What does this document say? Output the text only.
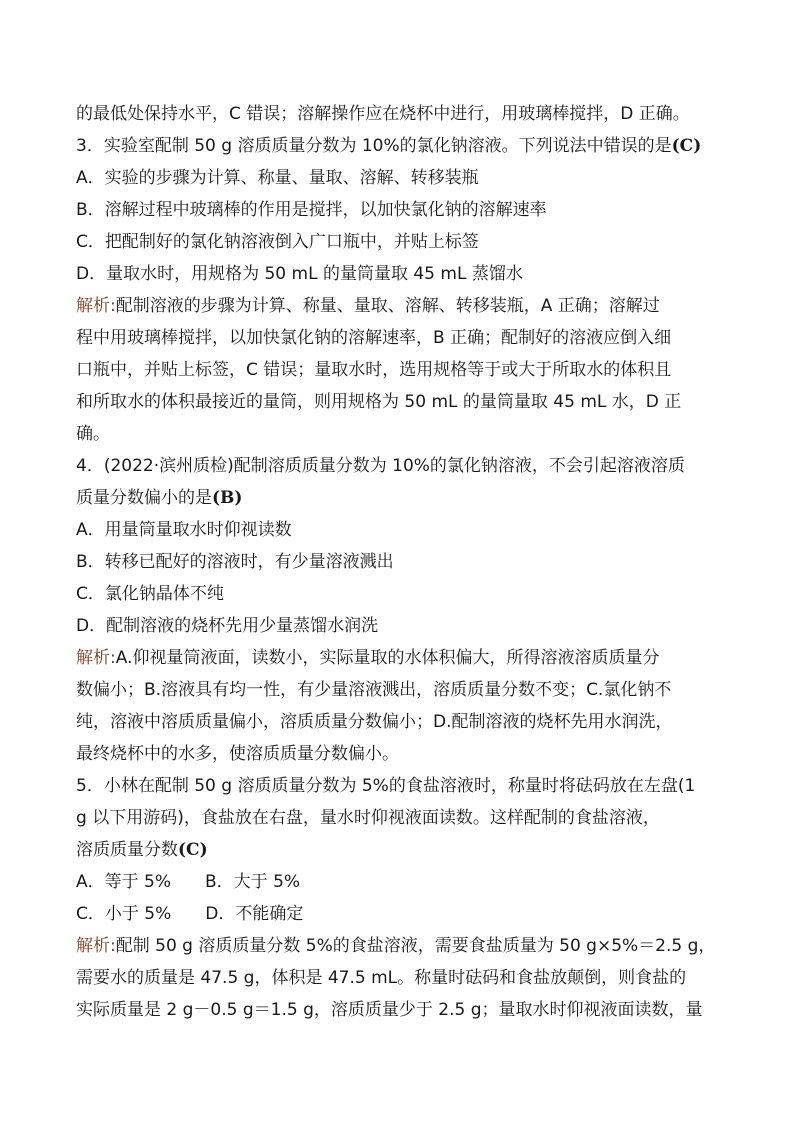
的最低处保持水平，C 错误；溶解操作应在烧杯中进行，用玻璃棒搅拌，D 正确。
3．实验室配制 50 g 溶质质量分数为 10%的氯化钠溶液。下列说法中错误的是(C)
A．实验的步骤为计算、称量、量取、溶解、转移装瓶
B．溶解过程中玻璃棒的作用是搅拌，以加快氯化钠的溶解速率
C．把配制好的氯化钠溶液倒入广口瓶中，并贴上标签
D．量取水时，用规格为 50 mL 的量筒量取 45 mL 蒸馏水
解析:配制溶液的步骤为计算、称量、量取、溶解、转移装瓶，A 正确；溶解过
程中用玻璃棒搅拌，以加快氯化钠的溶解速率，B 正确；配制好的溶液应倒入细
口瓶中，并贴上标签，C 错误；量取水时，选用规格等于或大于所取水的体积且
和所取水的体积最接近的量筒，则用规格为 50 mL 的量筒量取 45 mL 水，D 正
确。
4．(2022·滨州质检)配制溶质质量分数为 10%的氯化钠溶液，不会引起溶液溶质
质量分数偏小的是(B)
A．用量筒量取水时仰视读数
B．转移已配好的溶液时，有少量溶液溅出
C．氯化钠晶体不纯
D．配制溶液的烧杯先用少量蒸馏水润洗
解析:A.仰视量筒液面，读数小，实际量取的水体积偏大，所得溶液溶质质量分
数偏小；B.溶液具有均一性，有少量溶液溅出，溶质质量分数不变；C.氯化钠不
纯，溶液中溶质质量偏小，溶质质量分数偏小；D.配制溶液的烧杯先用水润洗，
最终烧杯中的水多，使溶质质量分数偏小。
5．小林在配制 50 g 溶质质量分数为 5%的食盐溶液时，称量时将砝码放在左盘(1
g 以下用游码)，食盐放在右盘，量水时仰视液面读数。这样配制的食盐溶液，
溶质质量分数(C)
A．等于 5%　　B．大于 5%
C．小于 5%　　D．不能确定
解析:配制 50 g 溶质质量分数 5%的食盐溶液，需要食盐质量为 50 g×5%＝2.5 g，
需要水的质量是 47.5 g，体积是 47.5 mL。称量时砝码和食盐放颠倒，则食盐的
实际质量是 2 g－0.5 g＝1.5 g，溶质质量少于 2.5 g；量取水时仰视液面读数，量
